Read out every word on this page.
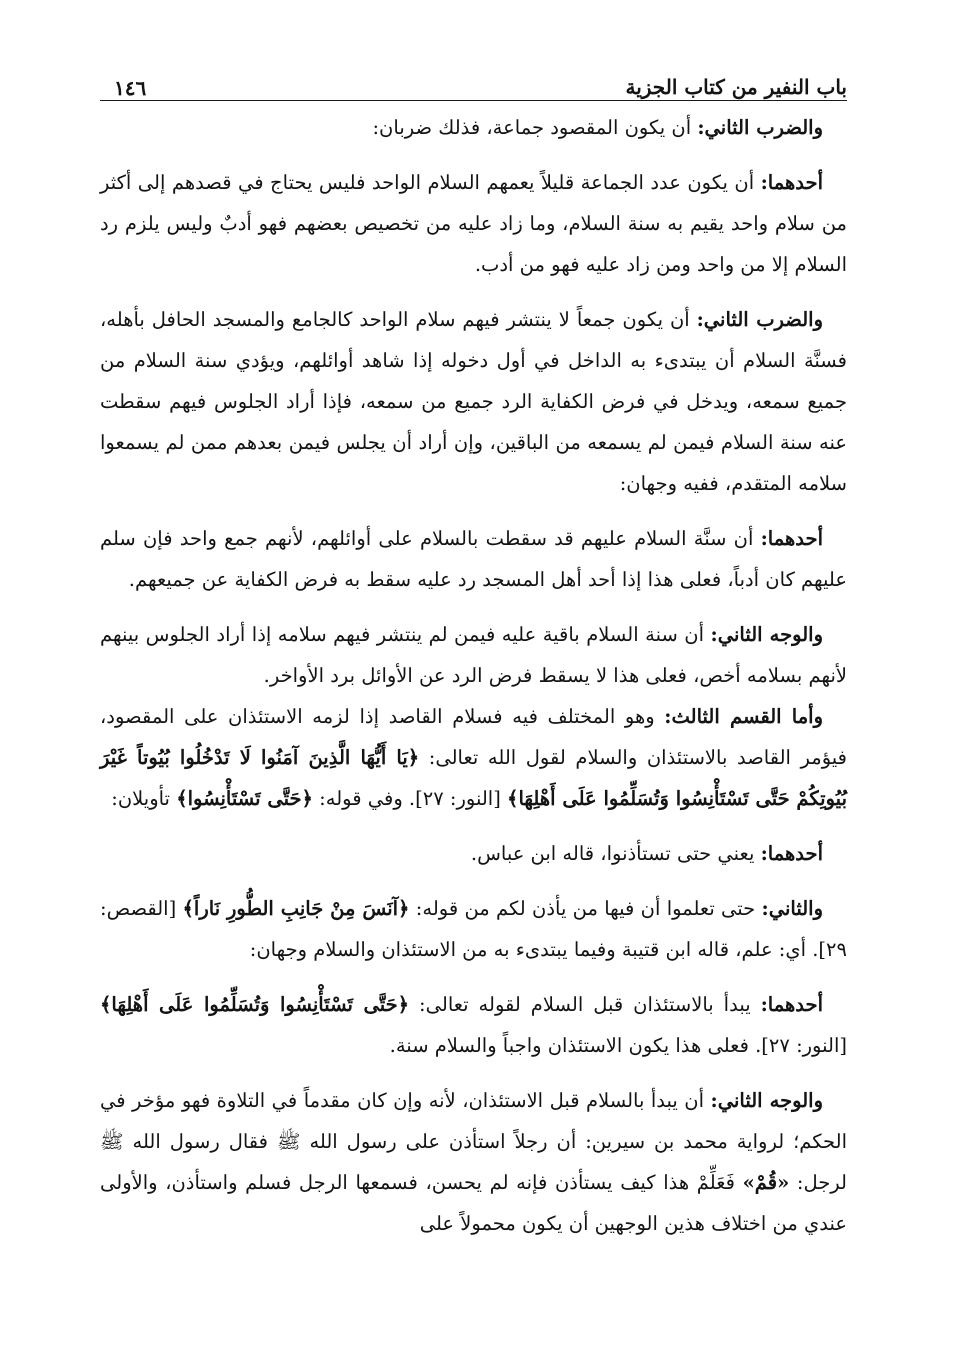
باب النفير من كتاب الجزية
١٤٦

والضرب الثاني: أن يكون المقصود جماعة، فذلك ضربان:

أحدهما: أن يكون عدد الجماعة قليلاً يعمهم السلام الواحد فليس يحتاج في قصدهم إلى أكثر من سلام واحد يقيم به سنة السلام، وما زاد عليه من تخصيص بعضهم فهو أدبٌ وليس يلزم رد السلام إلا من واحد ومن زاد عليه فهو من أدب.

والضرب الثاني: أن يكون جمعاً لا ينتشر فيهم سلام الواحد كالجامع والمسجد الحافل بأهله، فسنَّة السلام أن يبتدىء به الداخل في أول دخوله إذا شاهد أوائلهم، ويؤدي سنة السلام من جميع سمعه، ويدخل في فرض الكفاية الرد جميع من سمعه، فإذا أراد الجلوس فيهم سقطت عنه سنة السلام فيمن لم يسمعه من الباقين، وإن أراد أن يجلس فيمن بعدهم ممن لم يسمعوا سلامه المتقدم، ففيه وجهان:

أحدهما: أن سنَّة السلام عليهم قد سقطت بالسلام على أوائلهم، لأنهم جمع واحد فإن سلم عليهم كان أدباً، فعلى هذا إذا أحد أهل المسجد رد عليه سقط به فرض الكفاية عن جميعهم.

والوجه الثاني: أن سنة السلام باقية عليه فيمن لم ينتشر فيهم سلامه إذا أراد الجلوس بينهم لأنهم بسلامه أخص، فعلى هذا لا يسقط فرض الرد عن الأوائل برد الأواخر.

وأما القسم الثالث: وهو المختلف فيه فسلام القاصد إذا لزمه الاستئذان على المقصود، فيؤمر القاصد بالاستئذان والسلام لقول الله تعالى: ﴿يَا أَيُّهَا الَّذِينَ آمَنُوا لَا تَدْخُلُوا بُيُوتاً غَيْرَ بُيُوتِكُمْ حَتَّى تَسْتَأْنِسُوا وَتُسَلِّمُوا عَلَى أَهْلِهَا﴾ [النور: ٢٧]. وفي قوله: ﴿حَتَّى تَسْتَأْنِسُوا﴾ تأويلان:

أحدهما: يعني حتى تستأذنوا، قاله ابن عباس.

والثاني: حتى تعلموا أن فيها من يأذن لكم من قوله: ﴿آنَسَ مِنْ جَانِبِ الطُّورِ نَاراً﴾ [القصص: ٢٩]. أي: علم، قاله ابن قتيبة وفيما يبتدىء به من الاستئذان والسلام وجهان:

أحدهما: يبدأ بالاستئذان قبل السلام لقوله تعالى: ﴿حَتَّى تَسْتَأْنِسُوا وَتُسَلِّمُوا عَلَى أَهْلِهَا﴾ [النور: ٢٧]. فعلى هذا يكون الاستئذان واجباً والسلام سنة.

والوجه الثاني: أن يبدأ بالسلام قبل الاستئذان، لأنه وإن كان مقدماً في التلاوة فهو مؤخر في الحكم؛ لرواية محمد بن سيرين: أن رجلاً استأذن على رسول الله ﷺ فقال رسول الله ﷺ لرجل: «قُمْ» فَعَلِّمْ هذا كيف يستأذن فإنه لم يحسن، فسمعها الرجل فسلم واستأذن، والأولى عندي من اختلاف هذين الوجهين أن يكون محمولاً على
